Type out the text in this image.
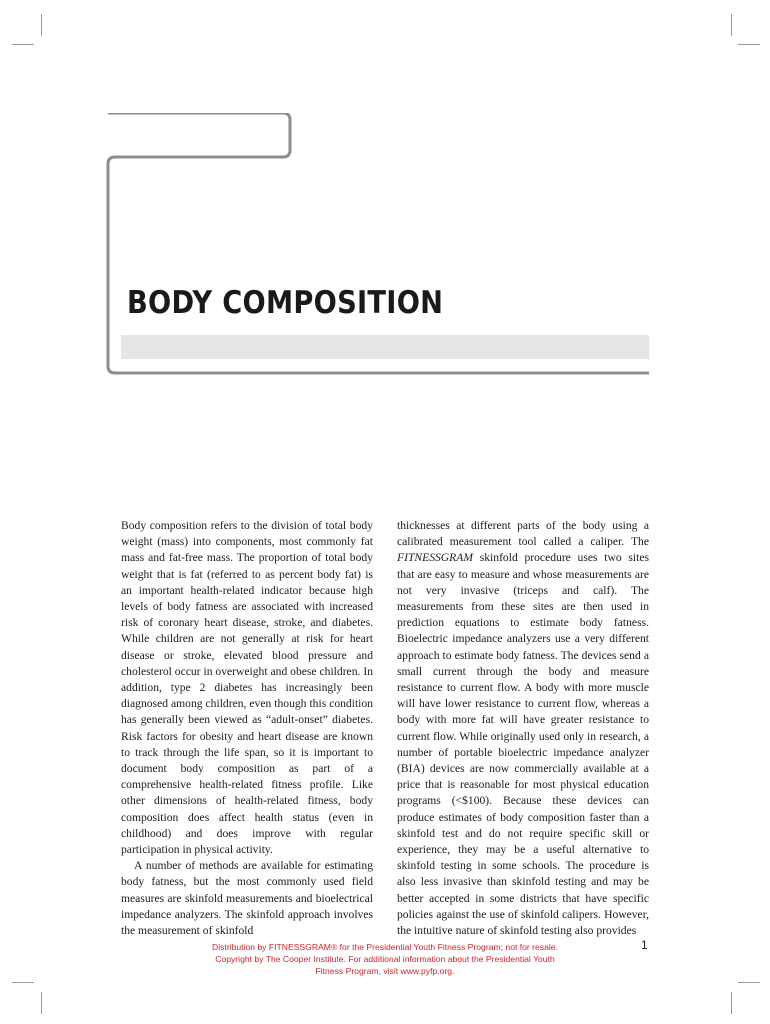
BODY COMPOSITION

Body composition refers to the division of total body weight (mass) into components, most commonly fat mass and fat-free mass. The proportion of total body weight that is fat (referred to as percent body fat) is an important health-related indicator because high levels of body fatness are associated with increased risk of coronary heart disease, stroke, and diabetes. While children are not generally at risk for heart disease or stroke, elevated blood pressure and cholesterol occur in overweight and obese children. In addition, type 2 diabetes has increasingly been diagnosed among children, even though this condition has generally been viewed as “adult-onset” diabetes. Risk factors for obesity and heart disease are known to track through the life span, so it is important to document body composition as part of a comprehensive health-related fitness profile. Like other dimensions of health-related fitness, body composition does affect health status (even in childhood) and does improve with regular participation in physical activity.

A number of methods are available for estimating body fatness, but the most commonly used field measures are skinfold measurements and bioelectrical impedance analyzers. The skinfold approach involves the measurement of skinfold

thicknesses at different parts of the body using a calibrated measurement tool called a caliper. The FITNESSGRAM skinfold procedure uses two sites that are easy to measure and whose measurements are not very invasive (triceps and calf). The measurements from these sites are then used in prediction equations to estimate body fatness. Bioelectric impedance analyzers use a very different approach to estimate body fatness. The devices send a small current through the body and measure resistance to current flow. A body with more muscle will have lower resistance to current flow, whereas a body with more fat will have greater resistance to current flow. While originally used only in research, a number of portable bioelectric impedance analyzer (BIA) devices are now commercially available at a price that is reasonable for most physical education programs (<$100). Because these devices can produce estimates of body composition faster than a skinfold test and do not require specific skill or experience, they may be a useful alternative to skinfold testing in some schools. The procedure is also less invasive than skinfold testing and may be better accepted in some districts that have specific policies against the use of skinfold calipers. However, the intuitive nature of skinfold testing also provides

Distribution by FITNESSGRAM® for the Presidential Youth Fitness Program; not for resale.
Copyright by The Cooper Institute. For additional information about the Presidential Youth
Fitness Program, visit www.pyfp.org.
1
